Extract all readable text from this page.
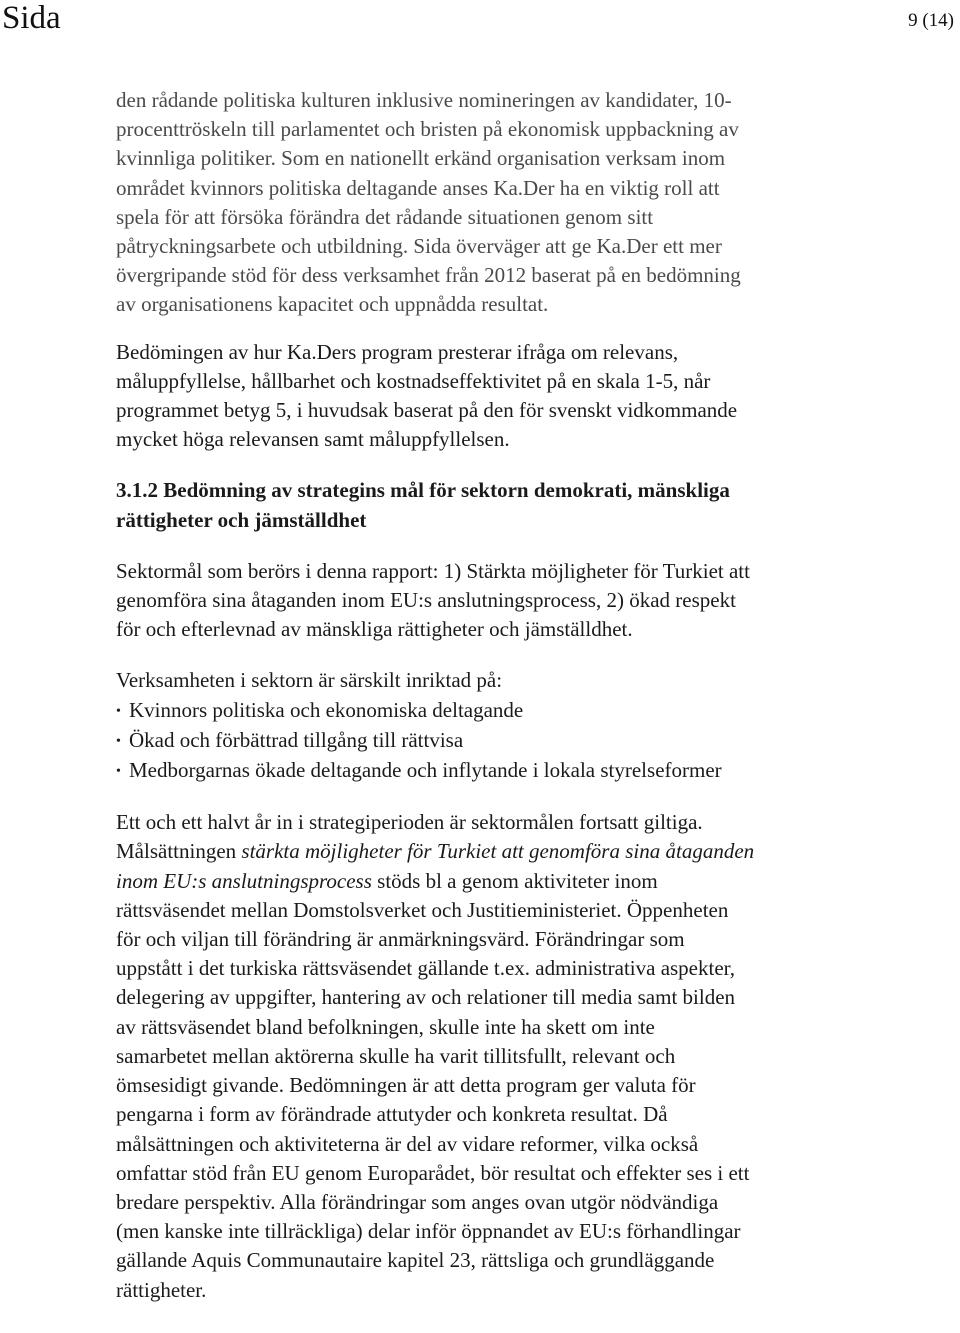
Sida	9 (14)
den rådande politiska kulturen inklusive nomineringen av kandidater, 10-
procenttröskeln till parlamentet och bristen på ekonomisk uppbackning av
kvinnliga politiker. Som en nationellt erkänd organisation verksam inom
området kvinnors politiska deltagande anses Ka.Der ha en viktig roll att
spela för att försöka förändra det rådande situationen genom sitt
påtryckningsarbete och utbildning. Sida överväger att ge Ka.Der ett mer
övergripande stöd för dess verksamhet från 2012 baserat på en bedömning
av organisationens kapacitet och uppnådda resultat.
Bedömingen av hur Ka.Ders program presterar ifråga om relevans,
måluppfyllelse, hållbarhet och kostnadseffektivitet på en skala 1-5, når
programmet betyg 5, i huvudsak baserat på den för svenskt vidkommande
mycket höga relevansen samt måluppfyllelsen.
3.1.2 Bedömning av strategins mål för sektorn demokrati, mänskliga
rättigheter och jämställdhet
Sektormål som berörs i denna rapport: 1) Stärkta möjligheter för Turkiet att
genomföra sina åtaganden inom EU:s anslutningsprocess, 2) ökad respekt
för och efterlevnad av mänskliga rättigheter och jämställdhet.
Verksamheten i sektorn är särskilt inriktad på:
• Kvinnors politiska och ekonomiska deltagande
• Ökad och förbättrad tillgång till rättvisa
• Medborgarnas ökade deltagande och inflytande i lokala styrelseformer
Ett och ett halvt år in i strategiperioden är sektormålen fortsatt giltiga.
Målsättningen stärkta möjligheter för Turkiet att genomföra sina åtaganden
inom EU:s anslutningsprocess stöds bl a genom aktiviteter inom
rättsväsendet mellan Domstolsverket och Justitieministeriet. Öppenheten
för och viljan till förändring är anmärkningsvärd. Förändringar som
uppstått i det turkiska rättsväsendet gällande t.ex. administrativa aspekter,
delegering av uppgifter, hantering av och relationer till media samt bilden
av rättsväsendet bland befolkningen, skulle inte ha skett om inte
samarbetet mellan aktörerna skulle ha varit tillitsfullt, relevant och
ömsesidigt givande. Bedömningen är att detta program ger valuta för
pengarna i form av förändrade attutyder och konkreta resultat. Då
målsättningen och aktiviteterna är del av vidare reformer, vilka också
omfattar stöd från EU genom Europarådet, bör resultat och effekter ses i ett
bredare perspektiv. Alla förändringar som anges ovan utgör nödvändiga
(men kanske inte tillräckliga) delar inför öppnandet av EU:s förhandlingar
gällande Aquis Communautaire kapitel 23, rättsliga och grundläggande
rättigheter.
